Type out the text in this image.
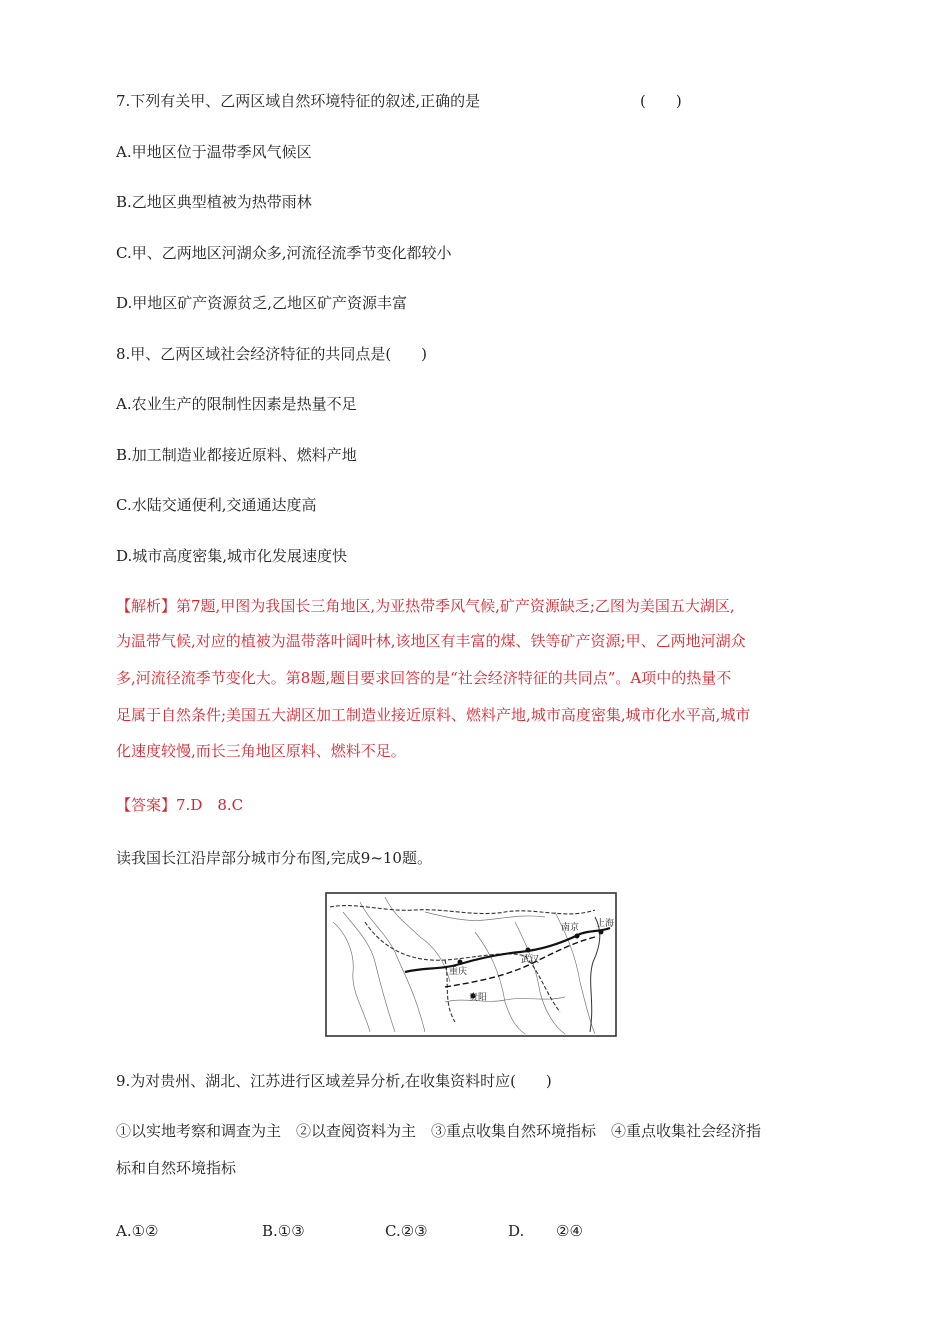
7.下列有关甲、乙两区域自然环境特征的叙述,正确的是	(　　)
A.甲地区位于温带季风气候区
B.乙地区典型植被为热带雨林
C.甲、乙两地区河湖众多,河流径流季节变化都较小
D.甲地区矿产资源贫乏,乙地区矿产资源丰富
8.甲、乙两区域社会经济特征的共同点是(　　)
A.农业生产的限制性因素是热量不足
B.加工制造业都接近原料、燃料产地
C.水陆交通便利,交通通达度高
D.城市高度密集,城市化发展速度快
【解析】第7题,甲图为我国长三角地区,为亚热带季风气候,矿产资源缺乏;乙图为美国五大湖区,
为温带气候,对应的植被为温带落叶阔叶林,该地区有丰富的煤、铁等矿产资源;甲、乙两地河湖众
多,河流径流季节变化大。第8题,题目要求回答的是“社会经济特征的共同点”。A项中的热量不
足属于自然条件;美国五大湖区加工制造业接近原料、燃料产地,城市高度密集,城市化水平高,城市
化速度较慢,而长三角地区原料、燃料不足。
【答案】7.D　8.C
读我国长江沿岸部分城市分布图,完成9~10题。
重庆
武汉
南京 上海
贵阳
9.为对贵州、湖北、江苏进行区域差异分析,在收集资料时应(　　)
①以实地考察和调查为主　②以查阅资料为主　③重点收集自然环境指标　④重点收集社会经济指
标和自然环境指标
A.①②	B.①③	C.②③	D. ②④
